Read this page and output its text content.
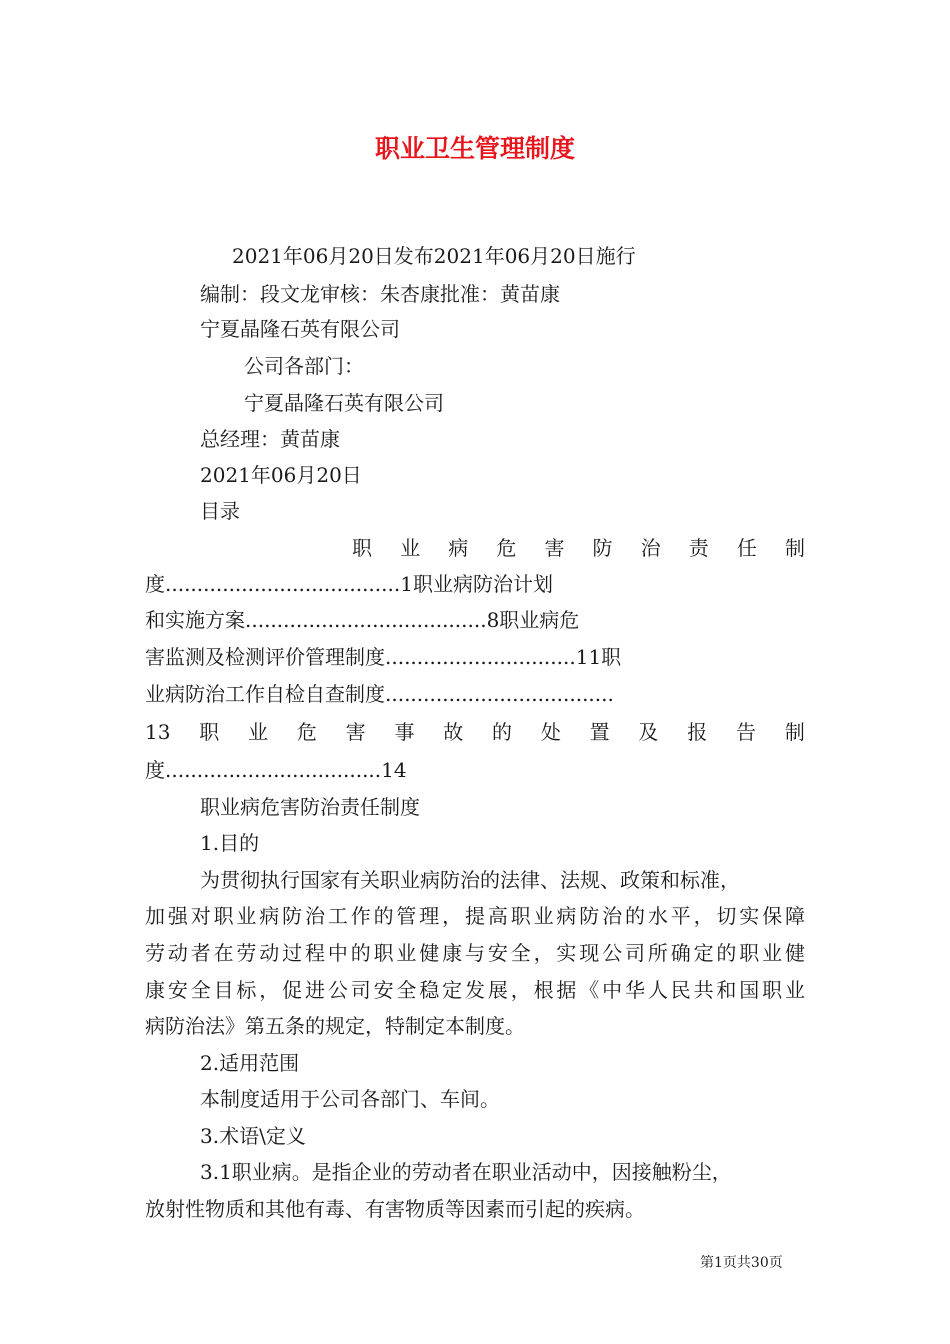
职业卫生管理制度
2021年06月20日发布2021年06月20日施行
编制：段文龙审核：朱杏康批准：黄苗康
宁夏晶隆石英有限公司
公司各部门：
宁夏晶隆石英有限公司
总经理：黄苗康
2021年06月20日
目录
职 业 病 危 害 防 治 责 任 制
度.....................................1职业病防治计划
和实施方案......................................8职业病危
害监测及检测评价管理制度..............................11职
业病防治工作自检自查制度....................................
13 职 业 危 害 事 故 的 处 置 及 报 告 制
度..................................14
职业病危害防治责任制度
1.目的
为贯彻执行国家有关职业病防治的法律、法规、政策和标准，
加强对职业病防治工作的管理，提高职业病防治的水平，切实保障
劳动者在劳动过程中的职业健康与安全，实现公司所确定的职业健
康安全目标，促进公司安全稳定发展，根据《中华人民共和国职业
病防治法》第五条的规定，特制定本制度。
2.适用范围
本制度适用于公司各部门、车间。
3.术语\定义
3.1职业病。是指企业的劳动者在职业活动中，因接触粉尘，
放射性物质和其他有毒、有害物质等因素而引起的疾病。
第1页共30页
